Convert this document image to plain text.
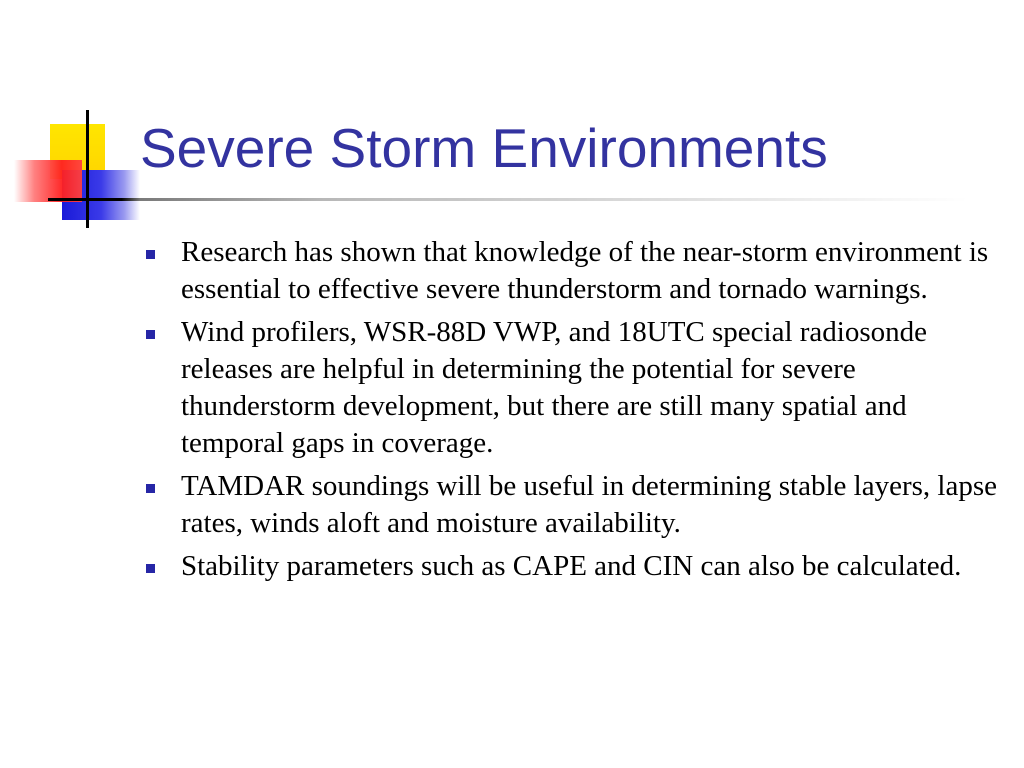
Severe Storm Environments
Research has shown that knowledge of the near-storm environment is essential to effective severe thunderstorm and tornado warnings.
Wind profilers, WSR-88D VWP, and 18UTC special radiosonde releases are helpful in determining the potential for severe thunderstorm development, but there are still many spatial and temporal gaps in coverage.
TAMDAR soundings will be useful in determining stable layers, lapse rates, winds aloft and moisture availability.
Stability parameters such as CAPE and CIN can also be calculated.
